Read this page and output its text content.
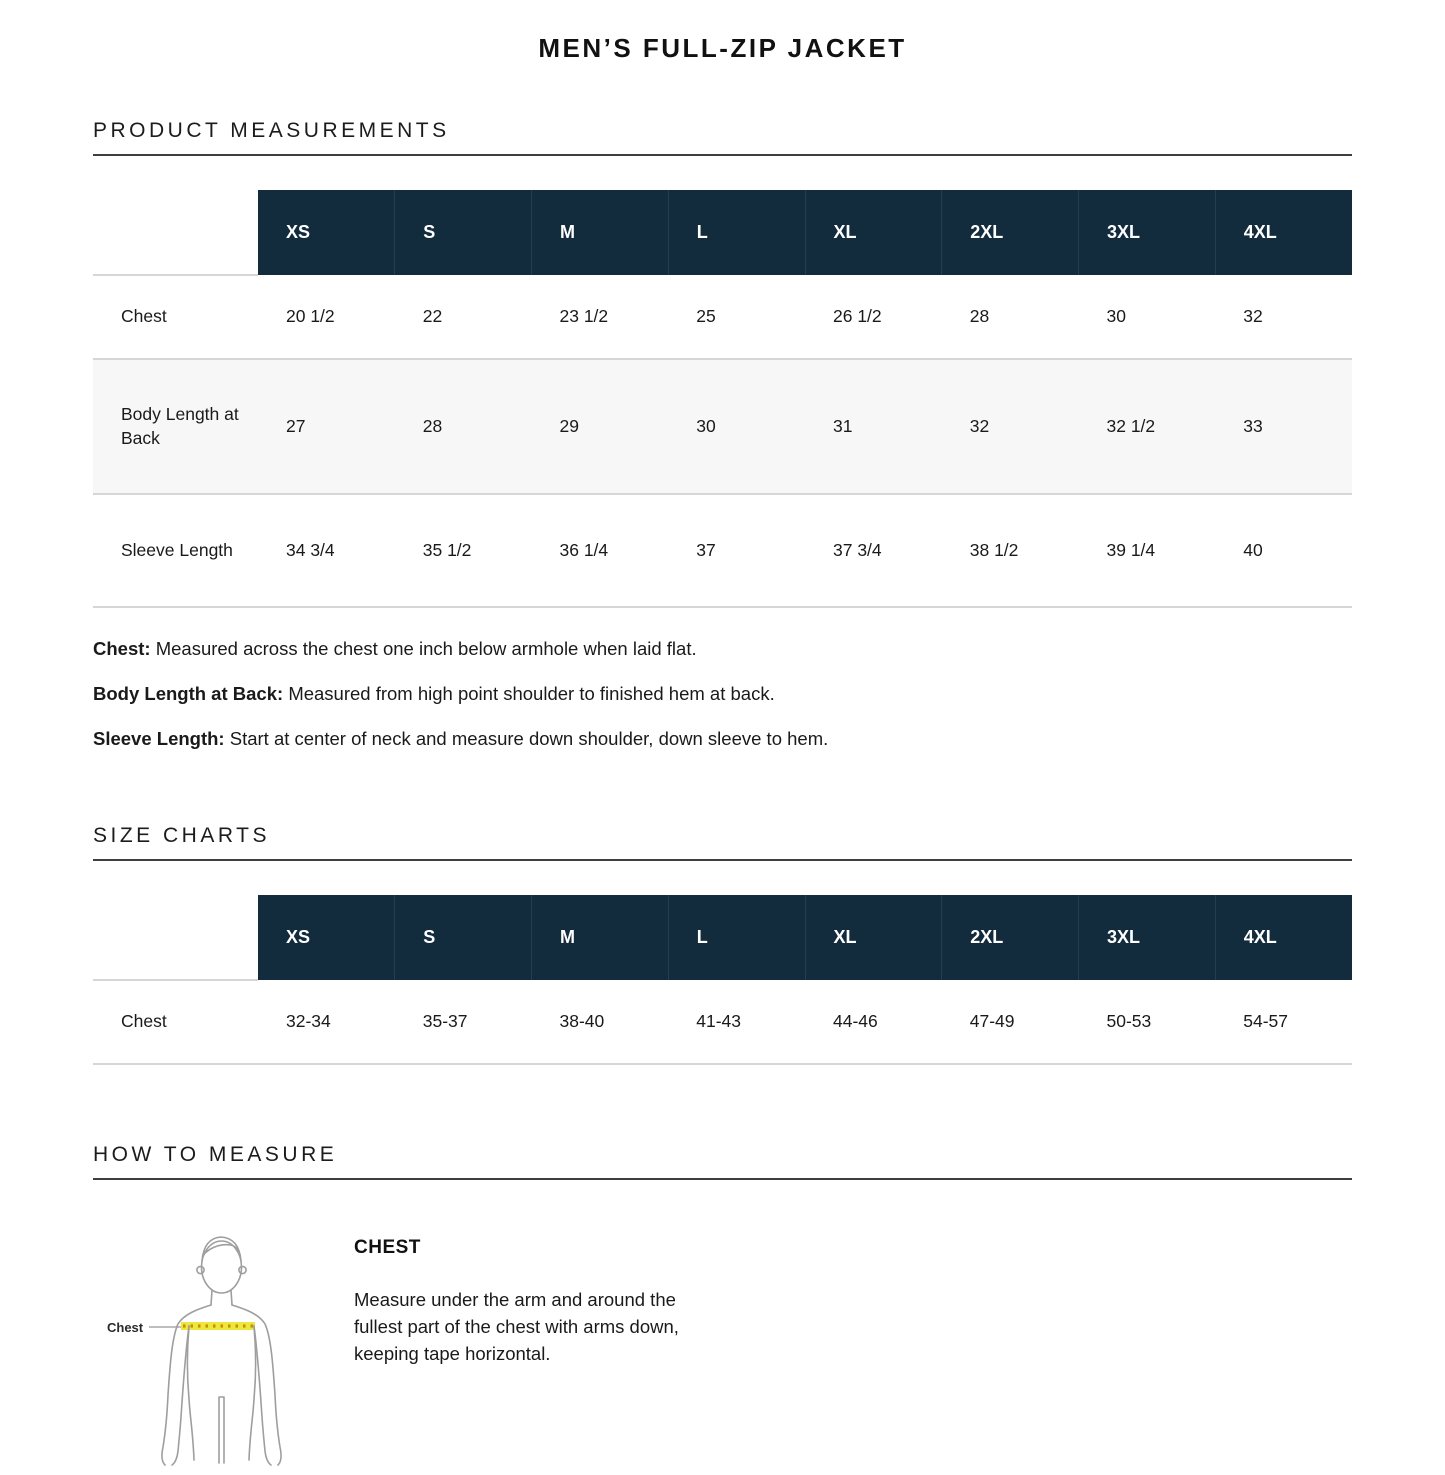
MEN’S FULL-ZIP JACKET
PRODUCT MEASUREMENTS
	XS	S	M	L	XL	2XL	3XL	4XL
Chest	20 1/2	22	23 1/2	25	26 1/2	28	30	32
Body Length at Back	27	28	29	30	31	32	32 1/2	33
Sleeve Length	34 3/4	35 1/2	36 1/4	37	37 3/4	38 1/2	39 1/4	40

Chest: Measured across the chest one inch below armhole when laid flat.

Body Length at Back: Measured from high point shoulder to finished hem at back.

Sleeve Length: Start at center of neck and measure down shoulder, down sleeve to hem.

SIZE CHARTS
	XS	S	M	L	XL	2XL	3XL	4XL
Chest	32-34	35-37	38-40	41-43	44-46	47-49	50-53	54-57
HOW TO MEASURE
Chest
CHEST

Measure under the arm and around the fullest part of the chest with arms down, keeping tape horizontal.
